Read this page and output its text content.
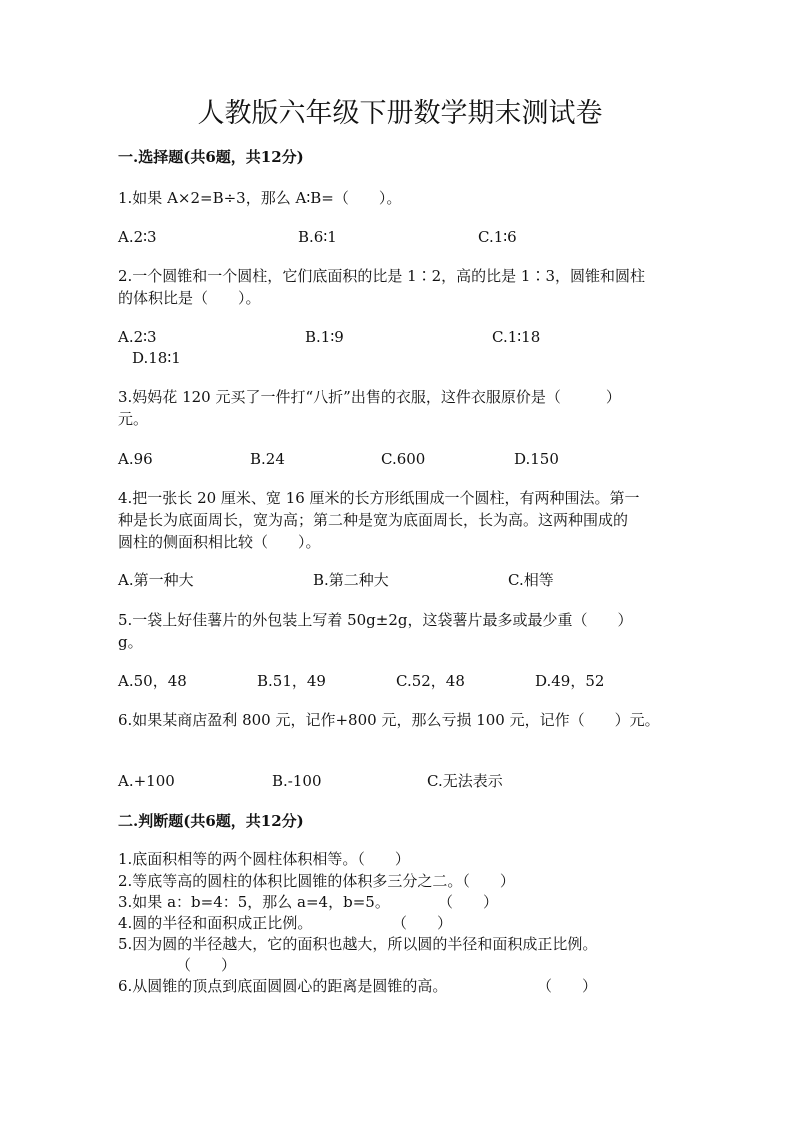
人教版六年级下册数学期末测试卷
一.选择题(共6题，共12分)
1.如果 A×2=B÷3，那么 A∶B=（　　）。
A.2∶3	B.6∶1	C.1∶6
2.一个圆锥和一个圆柱，它们底面积的比是 1∶2，高的比是 1∶3，圆锥和圆柱
的体积比是（　　）。
A.2∶3	B.1∶9	C.1∶18
D.18∶1
3.妈妈花 120 元买了一件打“八折”出售的衣服，这件衣服原价是（　　　）
元。
A.96	B.24	C.600	D.150
4.把一张长 20 厘米、宽 16 厘米的长方形纸围成一个圆柱，有两种围法。第一
种是长为底面周长，宽为高；第二种是宽为底面周长，长为高。这两种围成的
圆柱的侧面积相比较（　　）。
A.第一种大	B.第二种大	C.相等
5.一袋上好佳薯片的外包装上写着 50g±2g，这袋薯片最多或最少重（　　）
g。
A.50，48	B.51，49	C.52，48	D.49，52
6.如果某商店盈利 800 元，记作+800 元，那么亏损 100 元，记作（　　）元。
A.+100	B.-100	C.无法表示
二.判断题(共6题，共12分)
1.底面积相等的两个圆柱体积相等。（　　）
2.等底等高的圆柱的体积比圆锥的体积多三分之二。（　　）
3.如果 a：b=4：5，那么 a=4，b=5。	（　　）
4.圆的半径和面积成正比例。	（　　）
5.因为圆的半径越大，它的面积也越大，所以圆的半径和面积成正比例。
（　　）
6.从圆锥的顶点到底面圆圆心的距离是圆锥的高。	（　　）
